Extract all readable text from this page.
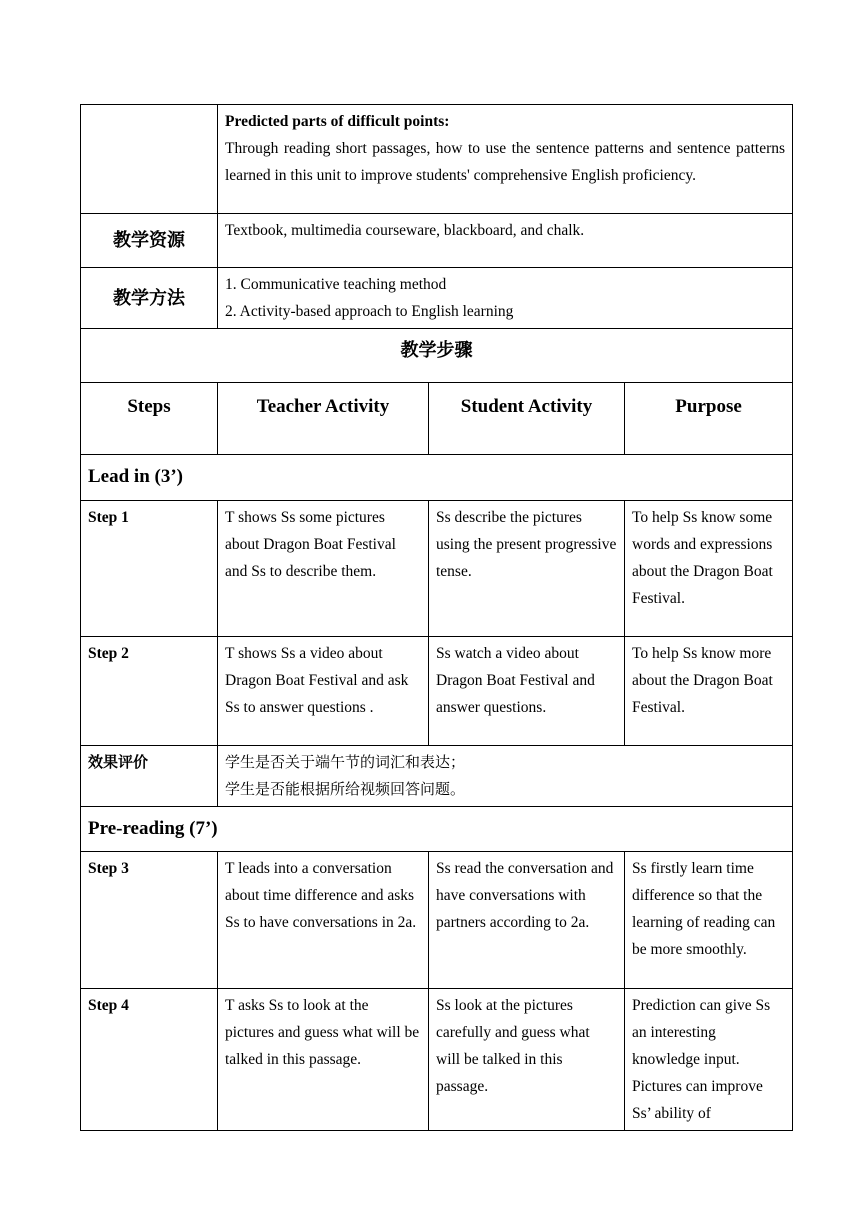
	Predicted parts of difficult points:
Through reading short passages, how to use the sentence patterns and sentence patterns learned in this unit to improve students' comprehensive English proficiency.		

教学资源	Textbook, multimedia courseware, blackboard, and chalk.		
教学方法	1. Communicative teaching method
2. Activity-based approach to English learning		

教学步骤			
Steps	Teacher Activity	Student Activity	Purpose
Lead in (3’)			
Step 1	T shows Ss some pictures about Dragon Boat Festival and Ss to describe them.	Ss describe the pictures using the present progressive tense.	To help Ss know some words and expressions about the Dragon Boat Festival.
Step 2	T shows Ss a video about Dragon Boat Festival and ask Ss to answer questions .	Ss watch a video about Dragon Boat Festival and answer questions.	To help Ss know more about the Dragon Boat Festival.
效果评价	学生是否关于端午节的词汇和表达；
学生是否能根据所给视频回答问题。		

Pre-reading (7’)			
Step 3	T leads into a conversation about time difference and asks Ss to have conversations in 2a.	Ss read the conversation and have conversations with partners according to 2a.	Ss firstly learn time difference so that the learning of reading can be more smoothly.
Step 4	T asks Ss to look at the pictures and guess what will be talked in this passage.	Ss look at the pictures carefully and guess what will be talked in this passage.	Prediction can give Ss an interesting knowledge input. Pictures can improve Ss’ ability of
